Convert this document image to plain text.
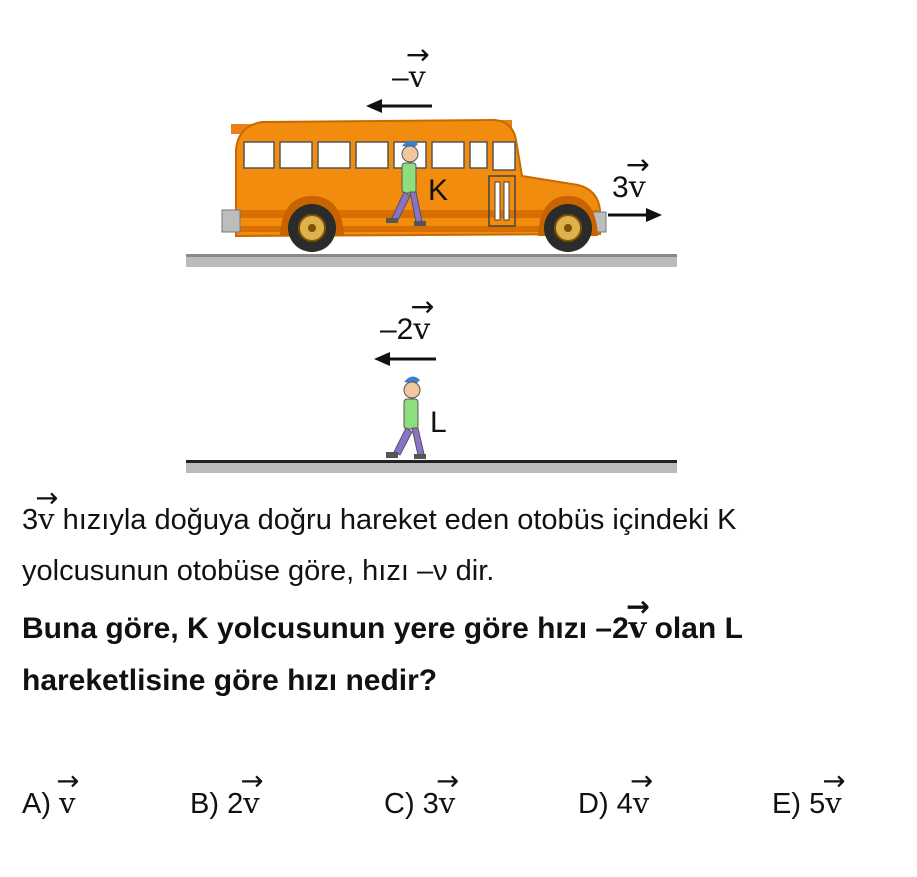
–→ v
K	3→ v
–2→ v
L
3→ v hızıyla doğuya doğru hareket eden otobüs içindeki K
yolcusunun otobüse göre, hızı –ν dir.
Buna göre, K yolcusunun yere göre hızı –2→ v olan L
hareketlisine göre hızı nedir?
A) → v	B) 2→ v	C) 3→ v	D) 4→ v	E) 5→ v
